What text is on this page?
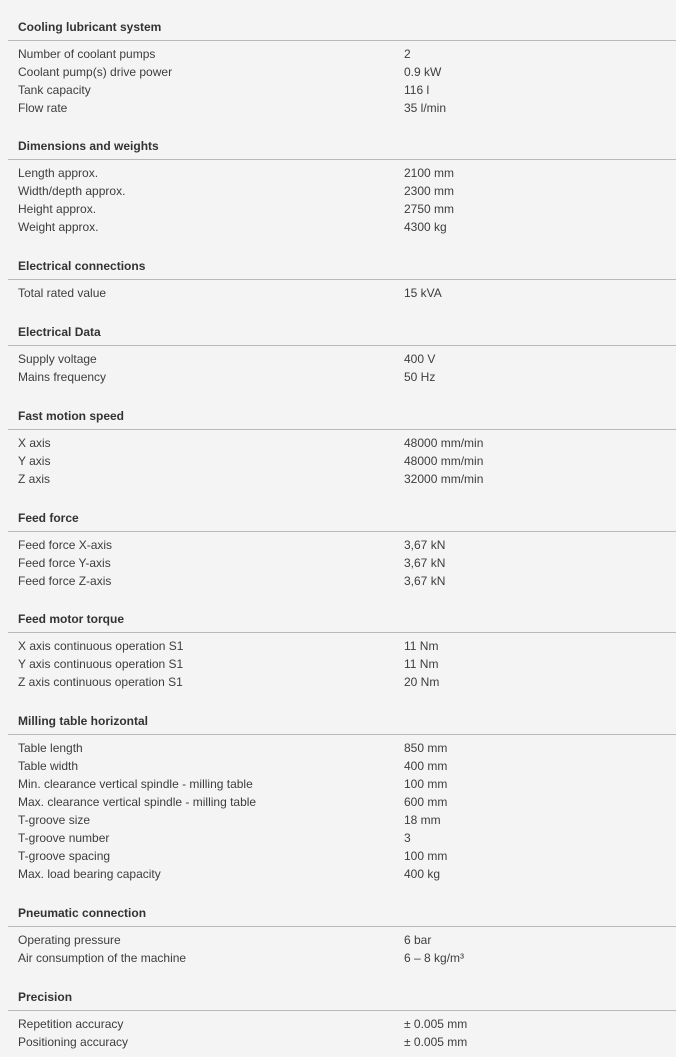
Cooling lubricant system
Number of coolant pumps	2
Coolant pump(s) drive power	0.9 kW
Tank capacity	116 l
Flow rate	35 l/min
Dimensions and weights
Length approx.	2100 mm
Width/depth approx.	2300 mm
Height approx.	2750 mm
Weight approx.	4300 kg
Electrical connections
Total rated value	15 kVA
Electrical Data
Supply voltage	400 V
Mains frequency	50 Hz
Fast motion speed
X axis	48000 mm/min
Y axis	48000 mm/min
Z axis	32000 mm/min
Feed force
Feed force X-axis	3,67 kN
Feed force Y-axis	3,67 kN
Feed force Z-axis	3,67 kN
Feed motor torque
X axis continuous operation S1	11 Nm
Y axis continuous operation S1	11 Nm
Z axis continuous operation S1	20 Nm
Milling table horizontal
Table length	850 mm
Table width	400 mm
Min. clearance vertical spindle - milling table	100 mm
Max. clearance vertical spindle - milling table	600 mm
T-groove size	18 mm
T-groove number	3
T-groove spacing	100 mm
Max. load bearing capacity	400 kg
Pneumatic connection
Operating pressure	6 bar
Air consumption of the machine	6 – 8 kg/m³
Precision
Repetition accuracy	± 0.005 mm
Positioning accuracy	± 0.005 mm
